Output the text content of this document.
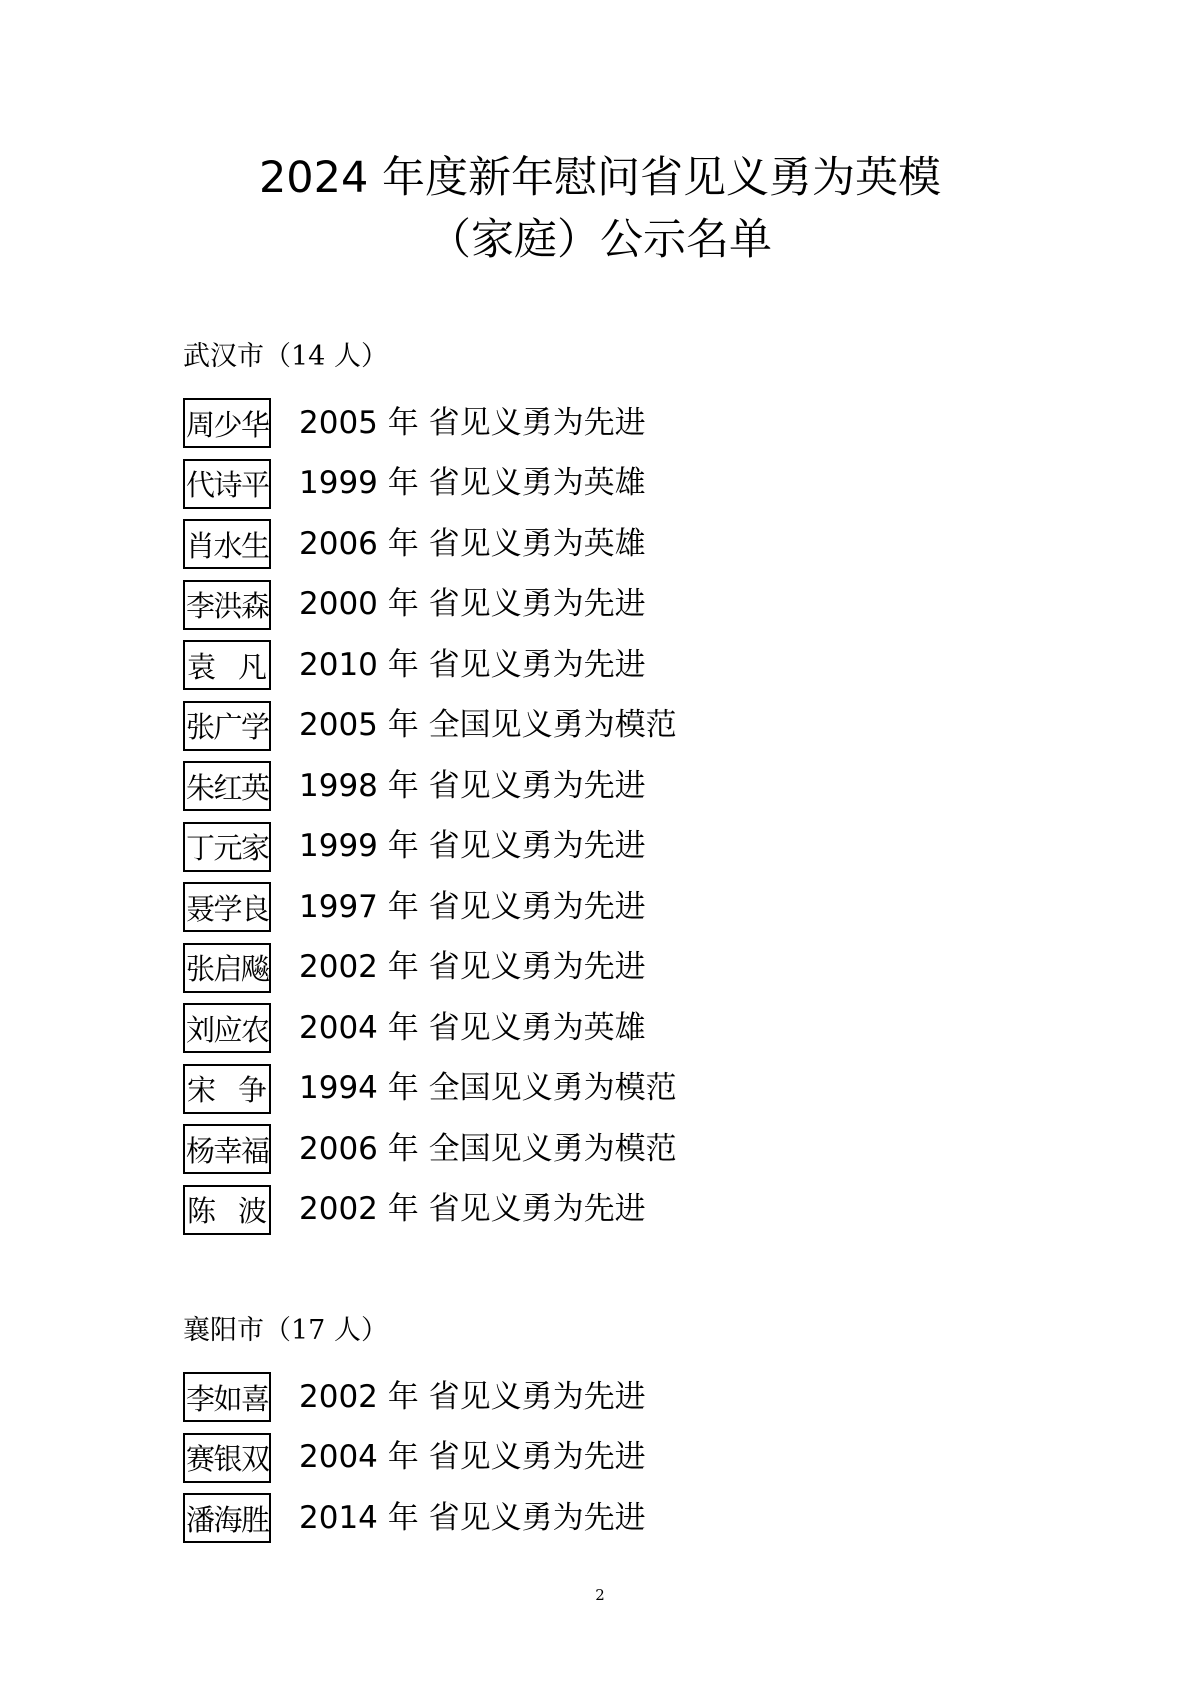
2024 年度新年慰问省见义勇为英模
（家庭）公示名单
武汉市（14 人）
周 少 华 2005 年 省见义勇为先进
代 诗 平 1999 年 省见义勇为英雄
肖 水 生 2006 年 省见义勇为英雄
李 洪 森 2000 年 省见义勇为先进
袁 凡 2010 年 省见义勇为先进
张 广 学 2005 年 全国见义勇为模范
朱 红 英 1998 年 省见义勇为先进
丁 元 家 1999 年 省见义勇为先进
聂 学 良 1997 年 省见义勇为先进
张 启 飚 2002 年 省见义勇为先进
刘 应 农 2004 年 省见义勇为英雄
宋 争 1994 年 全国见义勇为模范
杨 幸 福 2006 年 全国见义勇为模范
陈 波 2002 年 省见义勇为先进
襄阳市（17 人）
李 如 喜 2002 年 省见义勇为先进
赛 银 双 2004 年 省见义勇为先进
潘 海 胜 2014 年 省见义勇为先进
2
